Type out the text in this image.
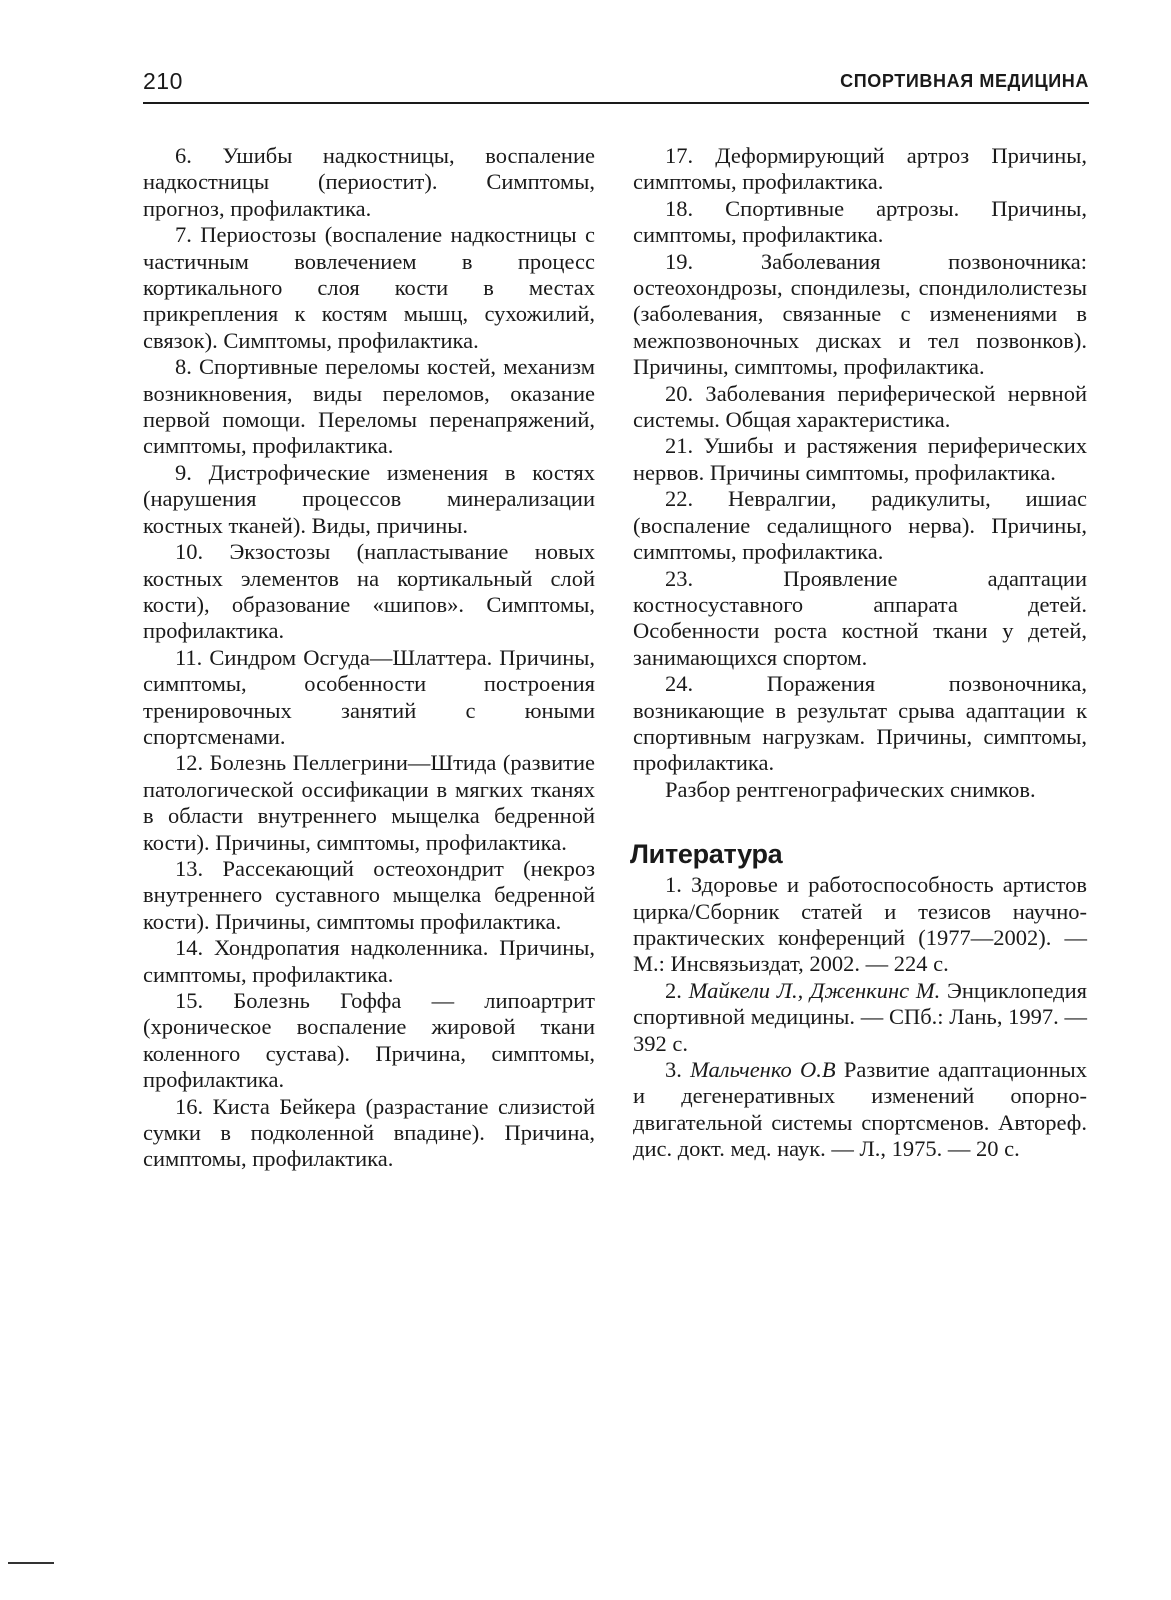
210	СПОРТИВНАЯ МЕДИЦИНА

6. Ушибы надкостницы, воспаление надкостницы (периостит). Симптомы, прогноз, профилактика.

7. Периостозы (воспаление надкостницы с частичным вовлечением в процесс кортикального слоя кости в местах прикрепления к костям мышц, сухожилий, связок). Симптомы, профилактика.

8. Спортивные переломы костей, механизм возникновения, виды переломов, оказание первой помощи. Переломы перенапряжений, симптомы, профилактика.

9. Дистрофические изменения в костях (нарушения процессов минерализации костных тканей). Виды, причины.

10. Экзостозы (напластывание новых костных элементов на кортикальный слой кости), образование «шипов». Симптомы, профилактика.

11. Синдром Осгуда—Шлаттера. Причины, симптомы, особенности построения тренировочных занятий с юными спортсменами.

12. Болезнь Пеллегрини—Штида (развитие патологической оссификации в мягких тканях в области внутреннего мыщелка бедренной кости). Причины, симптомы, профилактика.

13. Рассекающий остеохондрит (некроз внутреннего суставного мыщелка бедренной кости). Причины, симптомы профилактика.

14. Хондропатия надколенника. Причины, симптомы, профилактика.

15. Болезнь Гоффа — липоартрит (хроническое воспаление жировой ткани коленного сустава). Причина, симптомы, профилактика.

16. Киста Бейкера (разрастание слизистой сумки в подколенной впадине). Причина, симптомы, профилактика.

17. Деформирующий артроз Причины, симптомы, профилактика.

18. Спортивные артрозы. Причины, симптомы, профилактика.

19. Заболевания позвоночника: остеохондрозы, спондилезы, спондилолистезы (заболевания, связанные с изменениями в межпозвоночных дисках и тел позвонков). Причины, симптомы, профилактика.

20. Заболевания периферической нервной системы. Общая характеристика.

21. Ушибы и растяжения периферических нервов. Причины симптомы, профилактика.

22. Невралгии, радикулиты, ишиас (воспаление седалищного нерва). Причины, симптомы, профилактика.

23. Проявление адаптации костносуставного аппарата детей. Особенности роста костной ткани у детей, занимающихся спортом.

24. Поражения позвоночника, возникающие в результат срыва адаптации к спортивным нагрузкам. Причины, симптомы, профилактика.

Разбор рентгенографических снимков.

Литература

1. Здоровье и работоспособность артистов цирка/Сборник статей и тезисов научно-практических конференций (1977—2002). — М.: Инсвязьиздат, 2002. — 224 с.

2. Майкели Л., Дженкинс М. Энциклопедия спортивной медицины. — СПб.: Лань, 1997. — 392 с.

3. Мальченко О.В Развитие адаптационных и дегенеративных изменений опорно-двигательной системы спортсменов. Автореф. дис. докт. мед. наук. — Л., 1975. — 20 с.
